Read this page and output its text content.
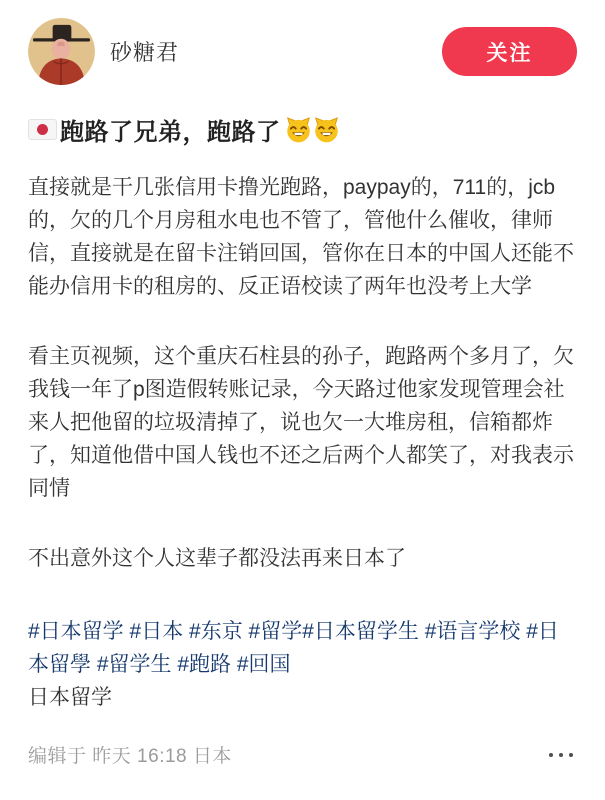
砂糖君	关注
跑路了兄弟，跑路了

直接就是干几张信用卡撸光跑路，paypay的，711的，jcb的，欠的几个月房租水电也不管了，管他什么催收，律师信，直接就是在留卡注销回国，管你在日本的中国人还能不能办信用卡的租房的、反正语校读了两年也没考上大学

看主页视频，这个重庆石柱县的孙子，跑路两个多月了，欠我钱一年了p图造假转账记录，今天路过他家发现管理会社来人把他留的垃圾清掉了，说也欠一大堆房租，信箱都炸了，知道他借中国人钱也不还之后两个人都笑了，对我表示同情

不出意外这个人这辈子都没法再来日本了

#日本留学 #日本 #东京 #留学#日本留学生 #语言学校 #日本留學 #留学生 #跑路 #回国

日本留学

编辑于 昨天 16:18 日本
